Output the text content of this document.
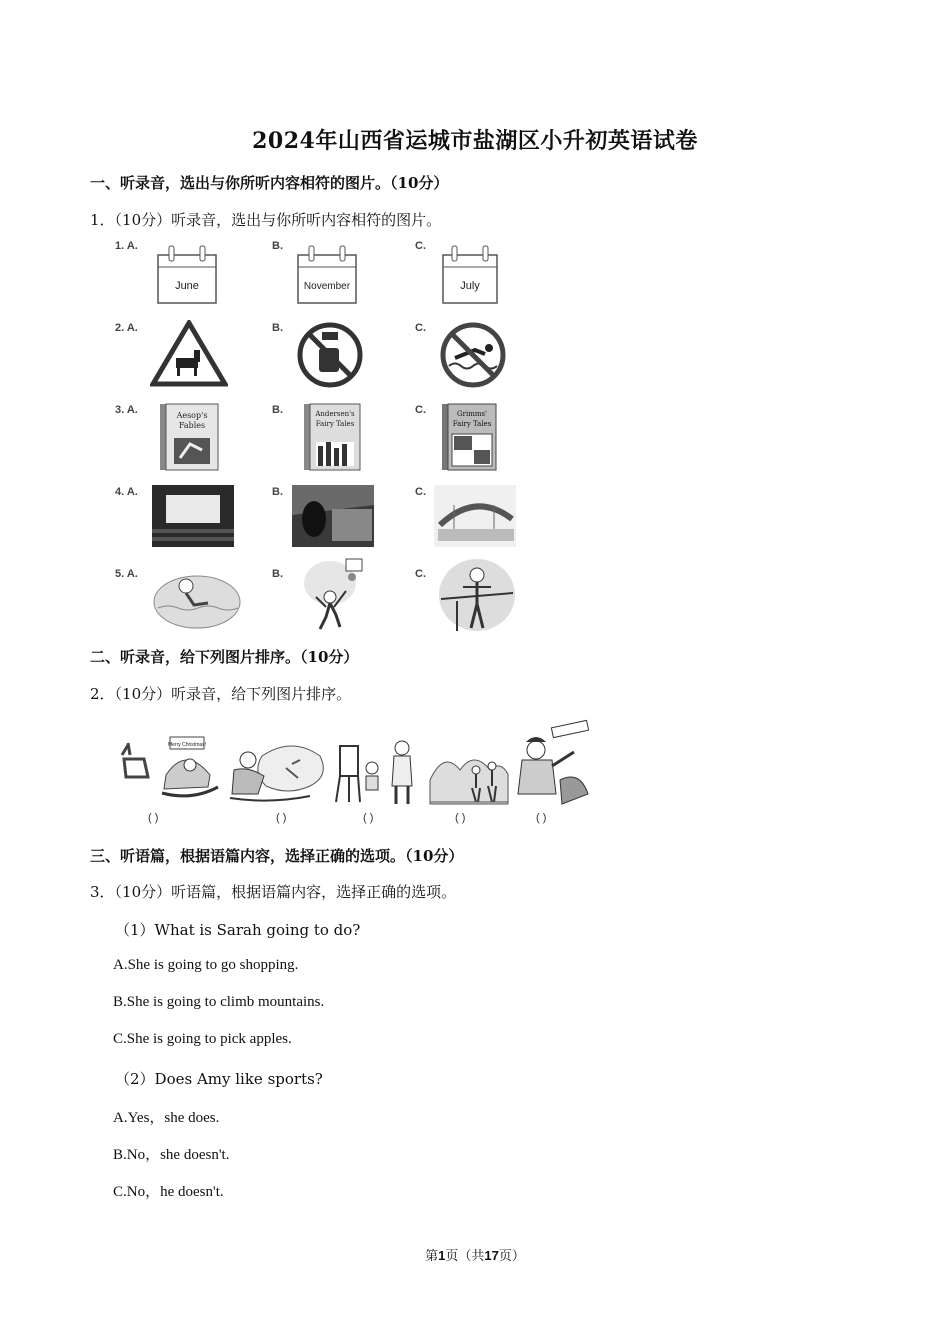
2024年山西省运城市盐湖区小升初英语试卷
一、听录音，选出与你所听内容相符的图片。（10分）
1．（10分）听录音，选出与你所听内容相符的图片。
1. A.	B.	C.
2. A.	B.	C.
3. A.	B.	C.
4. A.	B.	C.
5. A.	B.	C.
June	November	July
Aesop's
Fables
Andersen's
Fairy Tales
Grimms'
Fairy Tales
二、听录音，给下列图片排序。（10分）
2．（10分）听录音，给下列图片排序。
Merry Christmas!
( )	( )	( )	( )	( )
三、听语篇，根据语篇内容，选择正确的选项。（10分）
3．（10分）听语篇，根据语篇内容，选择正确的选项。
（1）What is Sarah going to do?
A.She is going to go shopping.
B.She is going to climb mountains.
C.She is going to pick apples.
（2）Does Amy like sports?
A.Yes，she does.
B.No，she doesn't.
C.No，he doesn't.
第1页（共17页）
